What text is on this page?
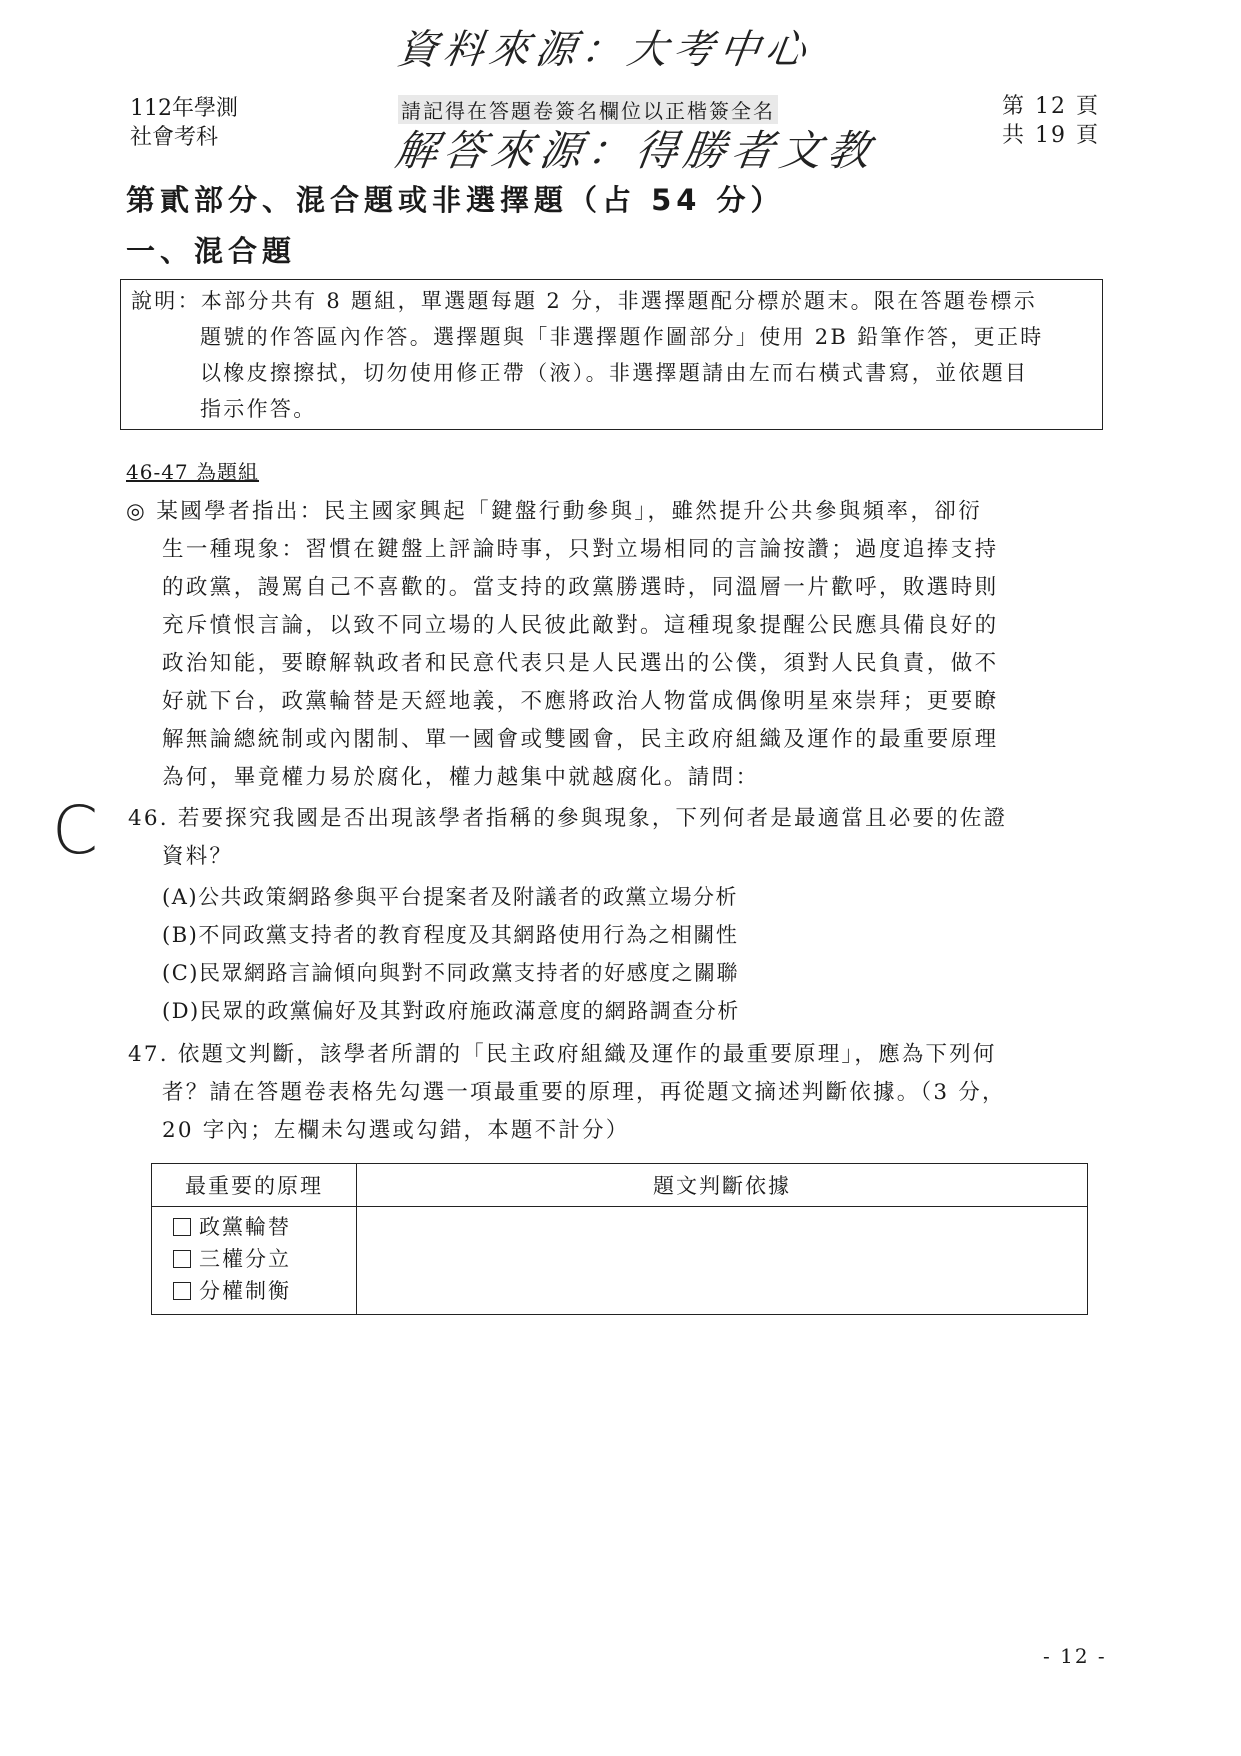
資料來源：大考中心
解答來源：得勝者文教
C
112年學測
社會考科
請記得在答題卷簽名欄位以正楷簽全名	第 12 頁
共 19 頁
第貳部分、混合題或非選擇題（占 54 分）
一、混合題
說明：本部分共有 8 題組，單選題每題 2 分，非選擇題配分標於題末。限在答題卷標示
題號的作答區內作答。選擇題與「非選擇題作圖部分」使用 2B 鉛筆作答，更正時
以橡皮擦擦拭，切勿使用修正帶（液）。非選擇題請由左而右橫式書寫，並依題目
指示作答。
46-47 為題組
◎ 某國學者指出：民主國家興起「鍵盤行動參與」，雖然提升公共參與頻率，卻衍
生一種現象：習慣在鍵盤上評論時事，只對立場相同的言論按讚；過度追捧支持
的政黨，謾罵自己不喜歡的。當支持的政黨勝選時，同溫層一片歡呼，敗選時則
充斥憤恨言論，以致不同立場的人民彼此敵對。這種現象提醒公民應具備良好的
政治知能，要瞭解執政者和民意代表只是人民選出的公僕，須對人民負責，做不
好就下台，政黨輪替是天經地義，不應將政治人物當成偶像明星來崇拜；更要瞭
解無論總統制或內閣制、單一國會或雙國會，民主政府組織及運作的最重要原理
為何，畢竟權力易於腐化，權力越集中就越腐化。請問：
46. 若要探究我國是否出現該學者指稱的參與現象，下列何者是最適當且必要的佐證
資料？
(A)公共政策網路參與平台提案者及附議者的政黨立場分析
(B)不同政黨支持者的教育程度及其網路使用行為之相關性
(C)民眾網路言論傾向與對不同政黨支持者的好感度之關聯
(D)民眾的政黨偏好及其對政府施政滿意度的網路調查分析
47. 依題文判斷，該學者所謂的「民主政府組織及運作的最重要原理」，應為下列何
者？請在答題卷表格先勾選一項最重要的原理，再從題文摘述判斷依據。（3 分，
20 字內；左欄未勾選或勾錯，本題不計分）
最重要的原理	題文判斷依據

政黨輪替
三權分立
分權制衡	

- 12 -
